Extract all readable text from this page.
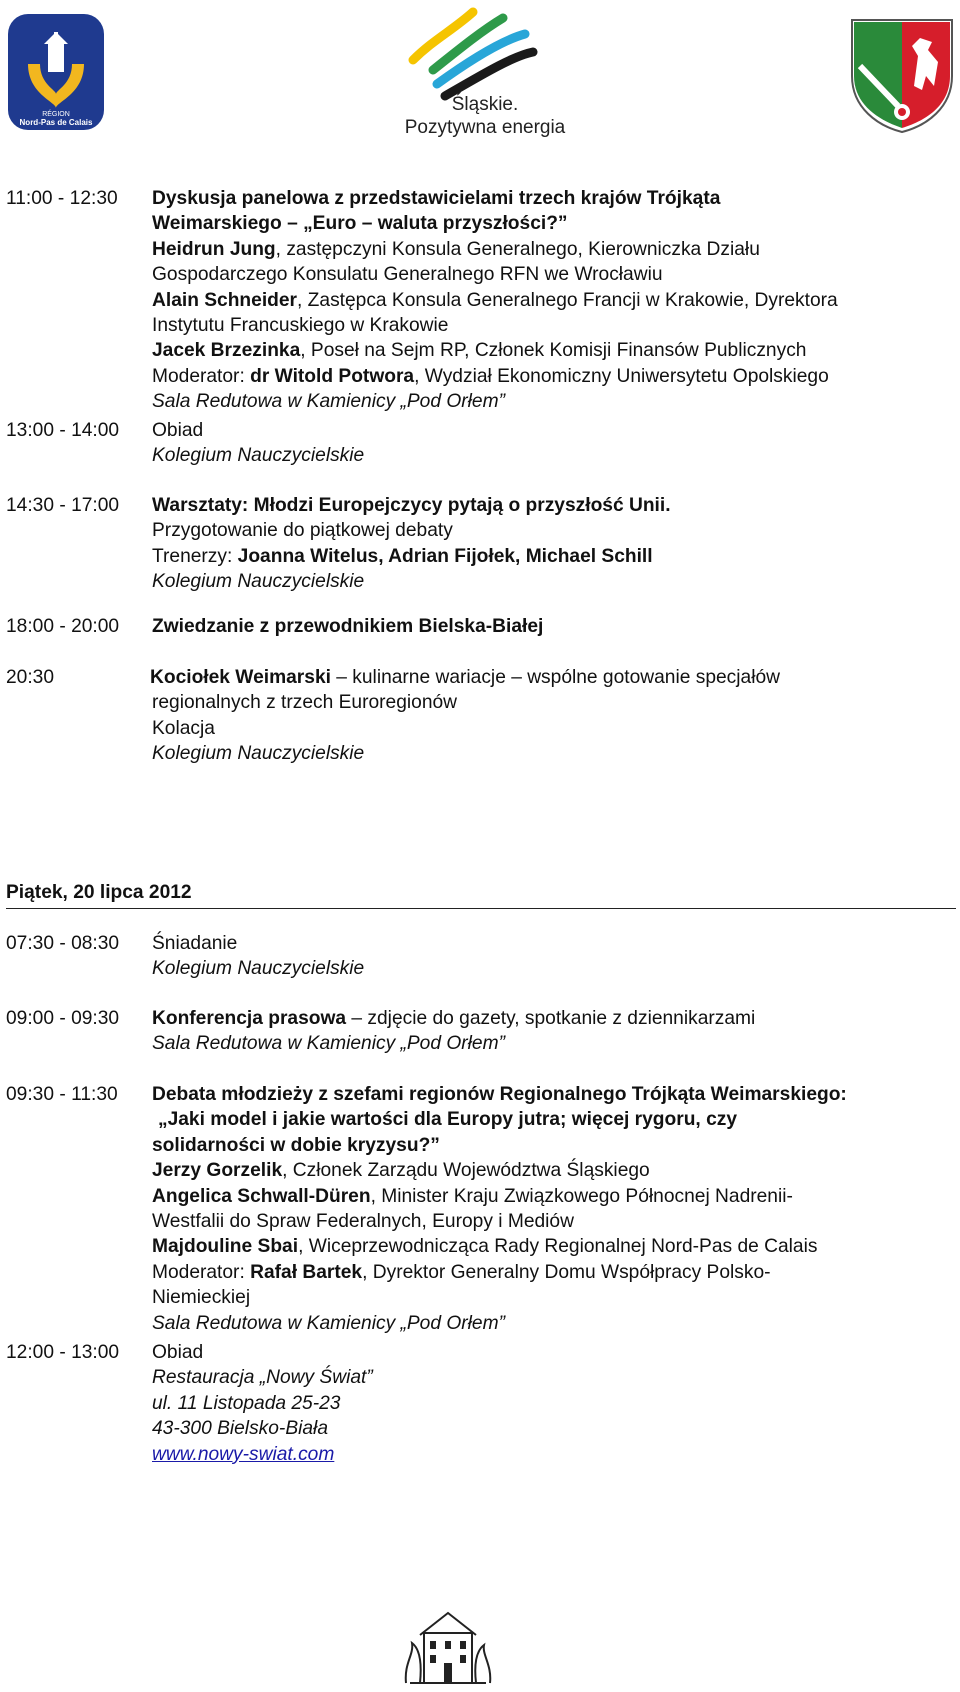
RÉGION
Nord-Pas de Calais
Śląskie.
Pozytywna energia
11:00 - 12:30	Dyskusja panelowa z przedstawicielami trzech krajów Trójkąta
Weimarskiego – „Euro – waluta przyszłości?”
Heidrun Jung, zastępczyni Konsula Generalnego, Kierowniczka Działu
Gospodarczego Konsulatu Generalnego RFN we Wrocławiu
Alain Schneider, Zastępca Konsula Generalnego Francji w Krakowie, Dyrektora
Instytutu Francuskiego w Krakowie
Jacek Brzezinka, Poseł na Sejm RP, Członek Komisji Finansów Publicznych
Moderator: dr Witold Potwora, Wydział Ekonomiczny Uniwersytetu Opolskiego
Sala Redutowa w Kamienicy „Pod Orłem”
13:00 - 14:00	Obiad
Kolegium Nauczycielskie
14:30 - 17:00	Warsztaty: Młodzi Europejczycy pytają o przyszłość Unii.
Przygotowanie do piątkowej debaty
Trenerzy: Joanna Witelus, Adrian Fijołek, Michael Schill
Kolegium Nauczycielskie
18:00 - 20:00	Zwiedzanie z przewodnikiem Bielska-Białej
20:30	Kociołek Weimarski – kulinarne wariacje – wspólne gotowanie specjałów
regionalnych z trzech Euroregionów
Kolacja
Kolegium Nauczycielskie
Piątek, 20 lipca 2012
07:30 - 08:30	Śniadanie
Kolegium Nauczycielskie
09:00 - 09:30	Konferencja prasowa – zdjęcie do gazety, spotkanie z dziennikarzami
Sala Redutowa w Kamienicy „Pod Orłem”
09:30 - 11:30	Debata młodzieży z szefami regionów Regionalnego Trójkąta Weimarskiego:
„Jaki model i jakie wartości dla Europy jutra; więcej rygoru, czy
solidarności w dobie kryzysu?”
Jerzy Gorzelik, Członek Zarządu Województwa Śląskiego
Angelica Schwall-Düren, Minister Kraju Związkowego Północnej Nadrenii-
Westfalii do Spraw Federalnych, Europy i Mediów
Majdouline Sbai, Wiceprzewodnicząca Rady Regionalnej Nord-Pas de Calais
Moderator: Rafał Bartek, Dyrektor Generalny Domu Współpracy Polsko-
Niemieckiej
Sala Redutowa w Kamienicy „Pod Orłem”
12:00 - 13:00	Obiad
Restauracja „Nowy Świat”
ul. 11 Listopada 25-23
43-300 Bielsko-Biała
www.nowy-swiat.com
